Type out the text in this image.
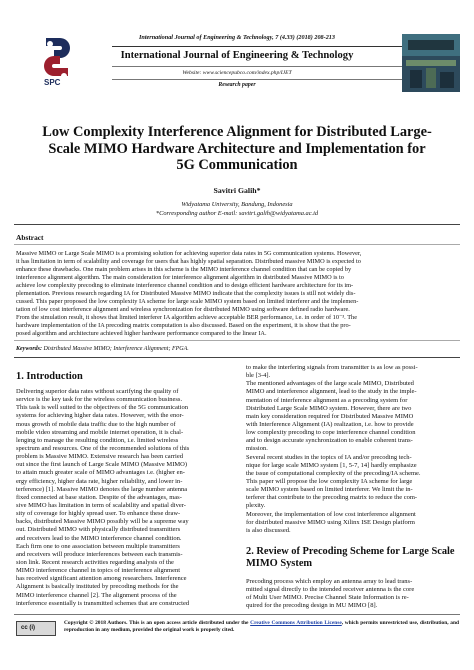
SPC
International Journal of Engineering & Technology, 7 (4.33) (2018) 208-213
International Journal of Engineering & Technology
Website: www.sciencepubco.com/index.php/IJET
Research paper
Low Complexity Interference Alignment for Distributed Large-
Scale MIMO Hardware Architecture and Implementation for
5G Communication
Savitri Galih*
Widyatama University, Bandung, Indonesia
*Corresponding author E-mail: savitri.galih@widyatama.ac.id
Abstract
Massive MIMO or Large Scale MIMO is a promising solution for achieving superior data rates in 5G communication systems. However,
it has limitation in term of scalability and coverage for users that has highly spatial separation. Distributed massive MIMO is expected to
enhance these drawbacks. One main problem arises in this scheme is the MIMO interference channel condition that can be copied by
interference alignment algorithm. The main consideration for interference alignment algorithm in distributed Massive MIMO is to
achieve low complexity precoding to eliminate interference channel condition and to design efficient hardware architecture for its im-
plementation. Previous research regarding IA for Distributed Massive MIMO indicate that the complexity issues is still not widely dis-
cussed. This paper proposed the low complexity IA scheme for large scale MIMO system based on limited interferer and the implemen-
tation of low cost interference alignment and wireless synchronization for distributed MIMO using software defined radio hardware.
From the simulation result, it shows that limited interferer IA algorithm achieve acceptable BER performance, i.e. in order of 10⁻³. The
hardware implementation of the IA precoding matrix computation is also discussed. Based on the experiment, it is show that the pro-
posed algorithm and architecture achieved higher hardware performance compared to the linear IA.
Keywords: Distributed Massive MIMO; Interference Alignment; FPGA.
1. Introduction
Delivering superior data rates without scarifying the quality of
service is the key task for the wireless communication business.
This task is well suited to the objectives of the 5G communication
systems for achieving higher data rates. However, with the enor-
mous growth of mobile data traffic due to the high number of
mobile video streaming and mobile internet operation, it is chal-
lenging to manage the resulting condition, i.e. limited wireless
spectrum and resources. One of the recommended solutions of this
problem is Massive MIMO. Extensive research has been carried
out since the first launch of Large Scale MIMO (Massive MIMO)
to attain much greater scale of MIMO advantages i.e. (higher en-
ergy efficiency, higher data rate, higher reliability, and lower in-
terference) [1]. Massive MIMO denotes the large number antenna
fixed connected at base station. Despite of the advantages, mas-
sive MIMO has limitation in term of scalability and spatial diver-
sity of coverage for highly spread user. To enhance these draw-
backs, distributed Massive MIMO possibly will be a supreme way
out. Distributed MIMO with physically distributed transmitters
and receivers lead to the MIMO interference channel condition.
Each firm one to one association between multiple transmitters
and receivers will produce interferences between each transmis-
sion link. Recent research activities regarding analysis of the
MIMO interference channel in topics of interference alignment
has received significant attention among researchers. Interference
Alignment is basically instituted by precoding methods for the
MIMO interference channel [2]. The alignment process of the
interference essentially is transmitted schemes that are constructed
to make the interfering signals from transmitter is as low as possi-
ble [3-4].
The mentioned advantages of the large scale MIMO, Distributed
MIMO and interference alignment, lead to the study in the imple-
mentation of interference alignment as a precoding system for
Distributed Large Scale MIMO system. However, there are two
main key consideration required for Distributed Massive MIMO
with Interference Alignment (IA) realization, i.e. how to provide
low complexity precoding to cope interference channel condition
and to design accurate synchronization to enable coherent trans-
mission.
Several recent studies in the topics of IA and/or precoding tech-
nique for large scale MIMO system [1, 5-7, 14] hardly emphasize
the issue of computational complexity of the precoding/IA scheme.
This paper will propose the low complexity IA scheme for large
scale MIMO system based on limited interferer. We limit the in-
terferer that contribute to the precoding matrix to reduce the com-
plexity.
Moreover, the implementation of low cost interference alignment
for distributed massive MIMO using Xilinx ISE Design platform
is also discussed.
2. Review of Precoding Scheme for Large Scale MIMO System
Precoding process which employ an antenna array to lead trans-
mitted signal directly to the intended receiver antenna is the core
of Multi User MIMO. Precise Channel State Information is re-
quired for the precoding design in MU MIMO [8].
cc (i)
Copyright © 2018 Authors. This is an open access article distributed under the Creative Commons Attribution License, which permits unrestricted use, distribution, and reproduction in any medium, provided the original work is properly cited.
